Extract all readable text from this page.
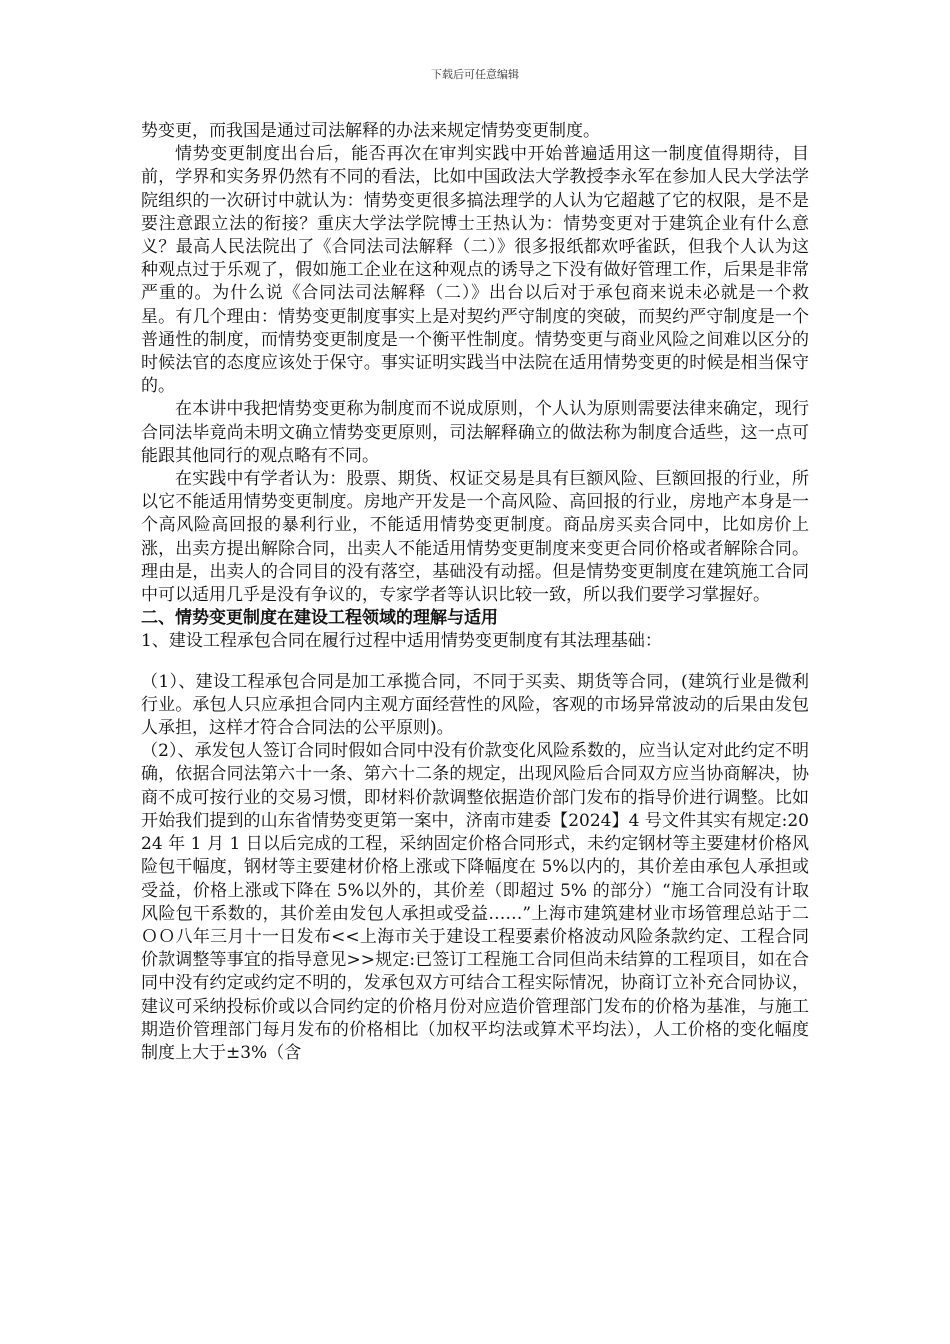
下载后可任意编辑

势变更，而我国是通过司法解释的办法来规定情势变更制度。

情势变更制度出台后，能否再次在审判实践中开始普遍适用这一制度值得期待，目前，学界和实务界仍然有不同的看法，比如中国政法大学教授李永军在参加人民大学法学院组织的一次研讨中就认为：情势变更很多搞法理学的人认为它超越了它的权限，是不是要注意跟立法的衔接？重庆大学法学院博士王热认为：情势变更对于建筑企业有什么意义？最高人民法院出了《合同法司法解释（二）》很多报纸都欢呼雀跃，但我个人认为这种观点过于乐观了，假如施工企业在这种观点的诱导之下没有做好管理工作，后果是非常严重的。为什么说《合同法司法解释（二）》出台以后对于承包商来说未必就是一个救星。有几个理由：情势变更制度事实上是对契约严守制度的突破，而契约严守制度是一个普通性的制度，而情势变更制度是一个衡平性制度。情势变更与商业风险之间难以区分的时候法官的态度应该处于保守。事实证明实践当中法院在适用情势变更的时候是相当保守的。

在本讲中我把情势变更称为制度而不说成原则，个人认为原则需要法律来确定，现行合同法毕竟尚未明文确立情势变更原则，司法解释确立的做法称为制度合适些，这一点可能跟其他同行的观点略有不同。

在实践中有学者认为：股票、期货、权证交易是具有巨额风险、巨额回报的行业，所以它不能适用情势变更制度。房地产开发是一个高风险、高回报的行业，房地产本身是一个高风险高回报的暴利行业，不能适用情势变更制度。商品房买卖合同中，比如房价上涨，出卖方提出解除合同，出卖人不能适用情势变更制度来变更合同价格或者解除合同。理由是，出卖人的合同目的没有落空，基础没有动摇。但是情势变更制度在建筑施工合同中可以适用几乎是没有争议的，专家学者等认识比较一致，所以我们要学习掌握好。

二、情势变更制度在建设工程领域的理解与适用

1、建设工程承包合同在履行过程中适用情势变更制度有其法理基础：

（1）、建设工程承包合同是加工承揽合同，不同于买卖、期货等合同，(建筑行业是微利行业。承包人只应承担合同内主观方面经营性的风险，客观的市场异常波动的后果由发包人承担，这样才符合合同法的公平原则)。

（2）、承发包人签订合同时假如合同中没有价款变化风险系数的，应当认定对此约定不明确，依据合同法第六十一条、第六十二条的规定，出现风险后合同双方应当协商解决，协商不成可按行业的交易习惯，即材料价款调整依据造价部门发布的指导价进行调整。比如开始我们提到的山东省情势变更第一案中，济南市建委【2024】4 号文件其实有规定:2024 年 1 月 1 日以后完成的工程，采纳固定价格合同形式，未约定钢材等主要建材价格风险包干幅度，钢材等主要建材价格上涨或下降幅度在 5%以内的，其价差由承包人承担或受益，价格上涨或下降在 5%以外的，其价差（即超过 5% 的部分）“施工合同没有计取风险包干系数的，其价差由发包人承担或受益……”上海市建筑建材业市场管理总站于二ＯＯ八年三月十一日发布<<上海市关于建设工程要素价格波动风险条款约定、工程合同价款调整等事宜的指导意见>>规定:已签订工程施工合同但尚未结算的工程项目，如在合同中没有约定或约定不明的，发承包双方可结合工程实际情况，协商订立补充合同协议，建议可采纳投标价或以合同约定的价格月份对应造价管理部门发布的价格为基准，与施工期造价管理部门每月发布的价格相比（加权平均法或算术平均法），人工价格的变化幅度制度上大于±3%（含
